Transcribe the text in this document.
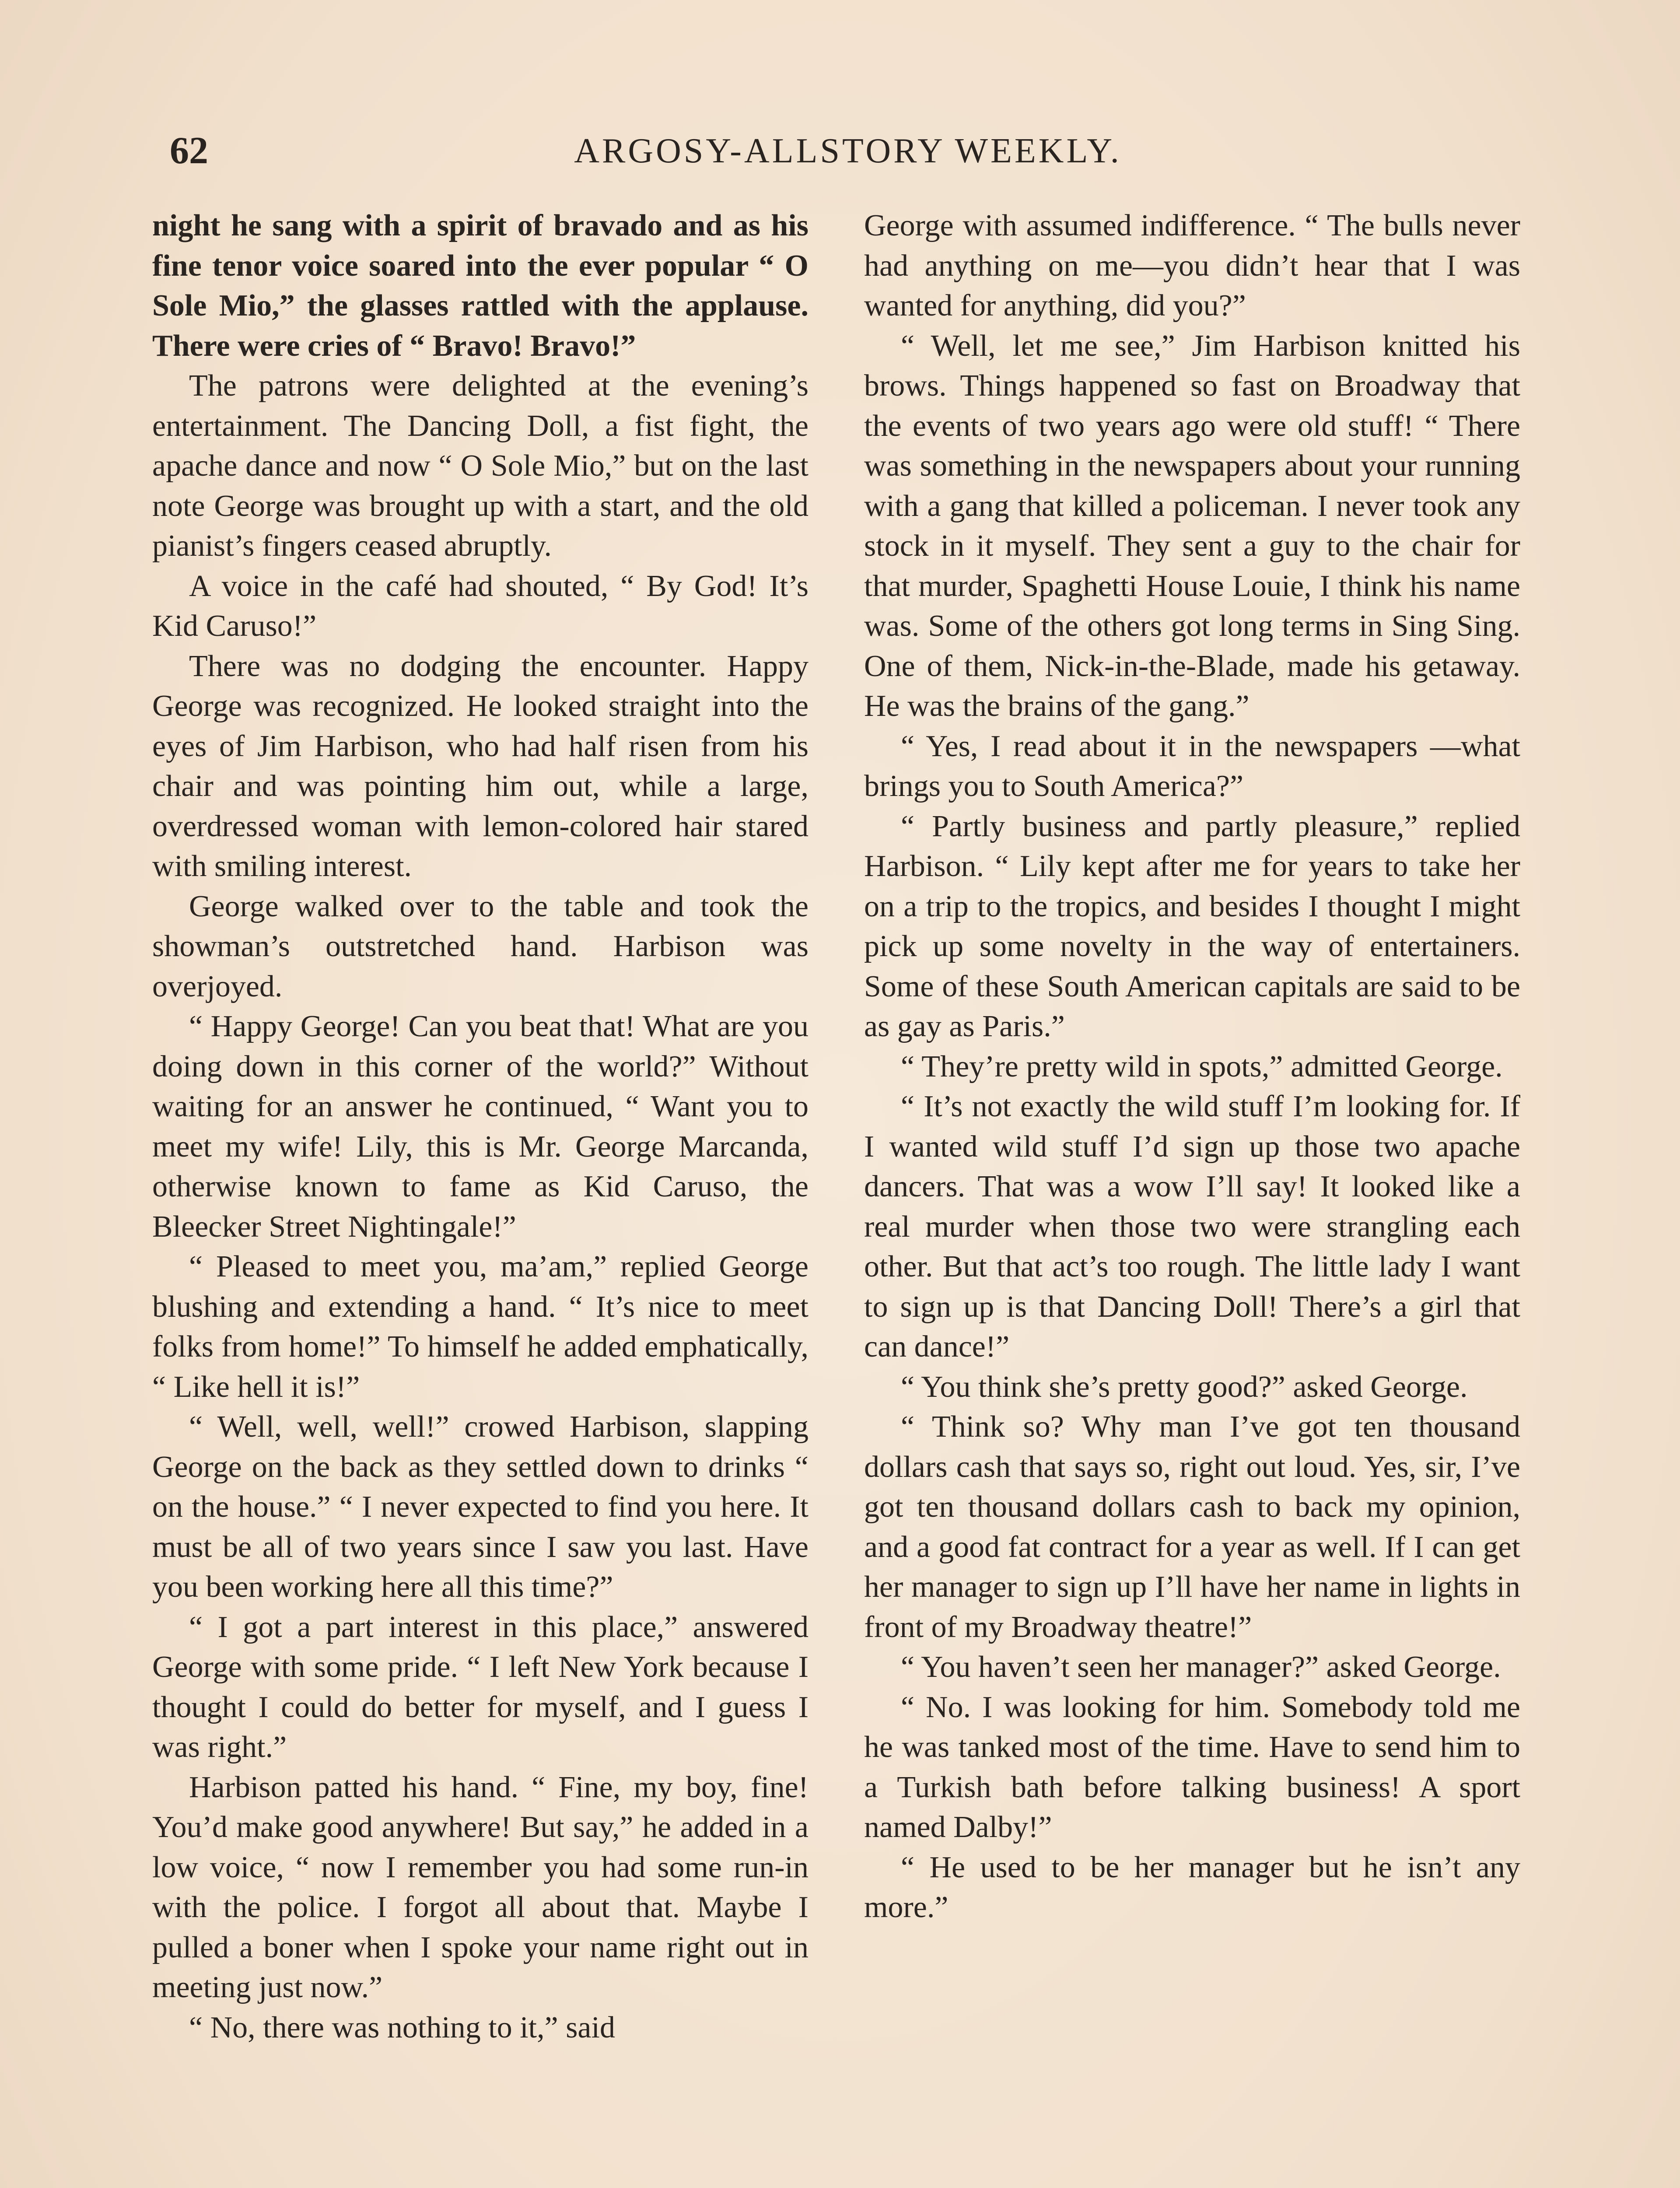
62	ARGOSY-ALLSTORY WEEKLY.

night he sang with a spirit of bravado and as his fine tenor voice soared into the ever popular “ O Sole Mio,” the glasses rattled with the applause. There were cries of “ Bravo! Bravo!”

The patrons were delighted at the evening’s entertainment. The Dancing Doll, a fist fight, the apache dance and now “ O Sole Mio,” but on the last note George was brought up with a start, and the old pianist’s fingers ceased abruptly.

A voice in the café had shouted, “ By God! It’s Kid Caruso!”

There was no dodging the encounter. Happy George was recognized. He looked straight into the eyes of Jim Harbison, who had half risen from his chair and was pointing him out, while a large, overdressed woman with lemon-colored hair stared with smiling interest.

George walked over to the table and took the showman’s outstretched hand. Harbison was overjoyed.

“ Happy George! Can you beat that! What are you doing down in this corner of the world?” Without waiting for an answer he continued, “ Want you to meet my wife! Lily, this is Mr. George Marcanda, otherwise known to fame as Kid Caruso, the Bleecker Street Nightingale!”

“ Pleased to meet you, ma’am,” replied George blushing and extending a hand. “ It’s nice to meet folks from home!” To himself he added emphatically, “ Like hell it is!”

“ Well, well, well!” crowed Harbison, slapping George on the back as they settled down to drinks “ on the house.” “ I never expected to find you here. It must be all of two years since I saw you last. Have you been working here all this time?”

“ I got a part interest in this place,” answered George with some pride. “ I left New York because I thought I could do better for myself, and I guess I was right.”

Harbison patted his hand. “ Fine, my boy, fine! You’d make good anywhere! But say,” he added in a low voice, “ now I remember you had some run-in with the police. I forgot all about that. Maybe I pulled a boner when I spoke your name right out in meeting just now.”

“ No, there was nothing to it,” said

George with assumed indifference. “ The bulls never had anything on me—you didn’t hear that I was wanted for anything, did you?”

“ Well, let me see,” Jim Harbison knitted his brows. Things happened so fast on Broadway that the events of two years ago were old stuff! “ There was something in the newspapers about your running with a gang that killed a policeman. I never took any stock in it myself. They sent a guy to the chair for that murder, Spaghetti House Louie, I think his name was. Some of the others got long terms in Sing Sing. One of them, Nick-in-the-Blade, made his getaway. He was the brains of the gang.”

“ Yes, I read about it in the newspapers —what brings you to South America?”

“ Partly business and partly pleasure,” replied Harbison. “ Lily kept after me for years to take her on a trip to the tropics, and besides I thought I might pick up some novelty in the way of entertainers. Some of these South American capitals are said to be as gay as Paris.”

“ They’re pretty wild in spots,” admitted George.

“ It’s not exactly the wild stuff I’m looking for. If I wanted wild stuff I’d sign up those two apache dancers. That was a wow I’ll say! It looked like a real murder when those two were strangling each other. But that act’s too rough. The little lady I want to sign up is that Dancing Doll! There’s a girl that can dance!”

“ You think she’s pretty good?” asked George.

“ Think so? Why man I’ve got ten thousand dollars cash that says so, right out loud. Yes, sir, I’ve got ten thousand dollars cash to back my opinion, and a good fat contract for a year as well. If I can get her manager to sign up I’ll have her name in lights in front of my Broadway theatre!”

“ You haven’t seen her manager?” asked George.

“ No. I was looking for him. Somebody told me he was tanked most of the time. Have to send him to a Turkish bath before talking business! A sport named Dalby!”

“ He used to be her manager but he isn’t any more.”
